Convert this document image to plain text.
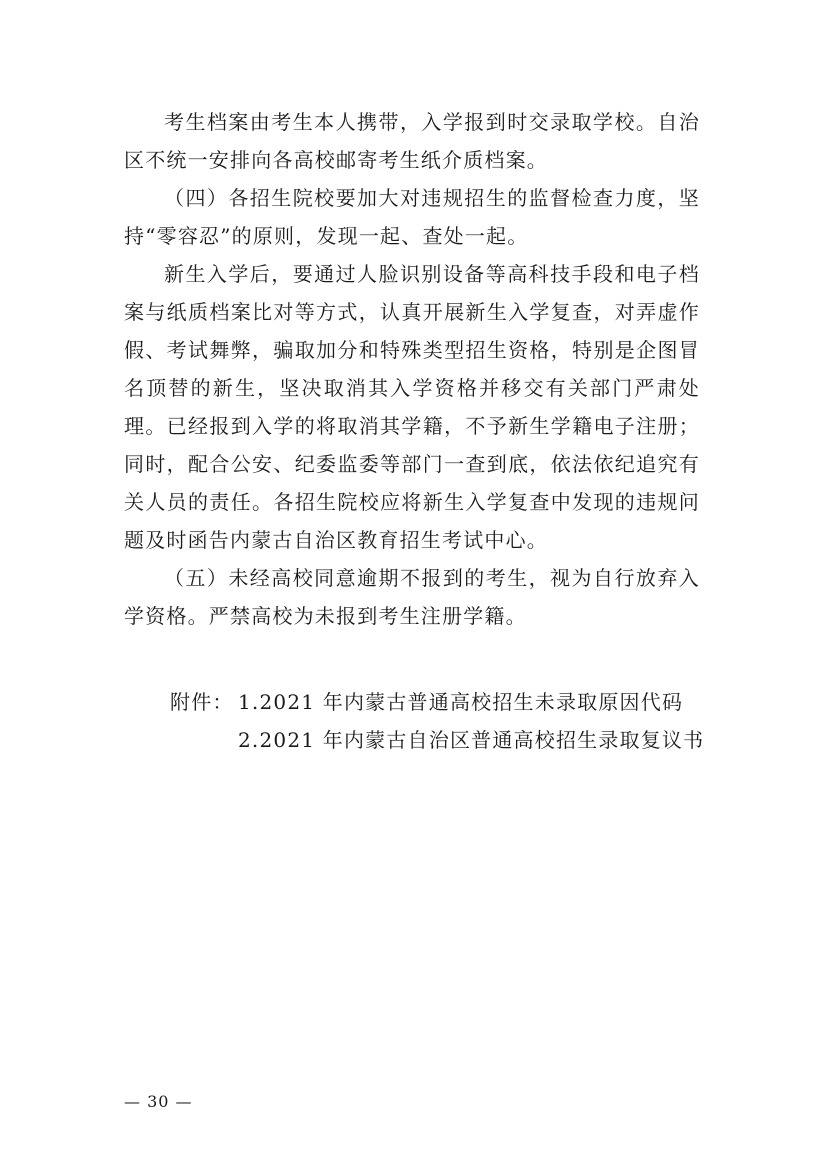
考生档案由考生本人携带，入学报到时交录取学校。自治区不统一安排向各高校邮寄考生纸介质档案。

（四）各招生院校要加大对违规招生的监督检查力度，坚持“零容忍”的原则，发现一起、查处一起。

新生入学后，要通过人脸识别设备等高科技手段和电子档案与纸质档案比对等方式，认真开展新生入学复查，对弄虚作假、考试舞弊，骗取加分和特殊类型招生资格，特别是企图冒名顶替的新生，坚决取消其入学资格并移交有关部门严肃处理。已经报到入学的将取消其学籍，不予新生学籍电子注册；同时，配合公安、纪委监委等部门一查到底，依法依纪追究有关人员的责任。各招生院校应将新生入学复查中发现的违规问题及时函告内蒙古自治区教育招生考试中心。

（五）未经高校同意逾期不报到的考生，视为自行放弃入学资格。严禁高校为未报到考生注册学籍。

附件： 1.2021 年内蒙古普通高校招生未录取原因代码
2.2021 年内蒙古自治区普通高校招生录取复议书
— 30 —
